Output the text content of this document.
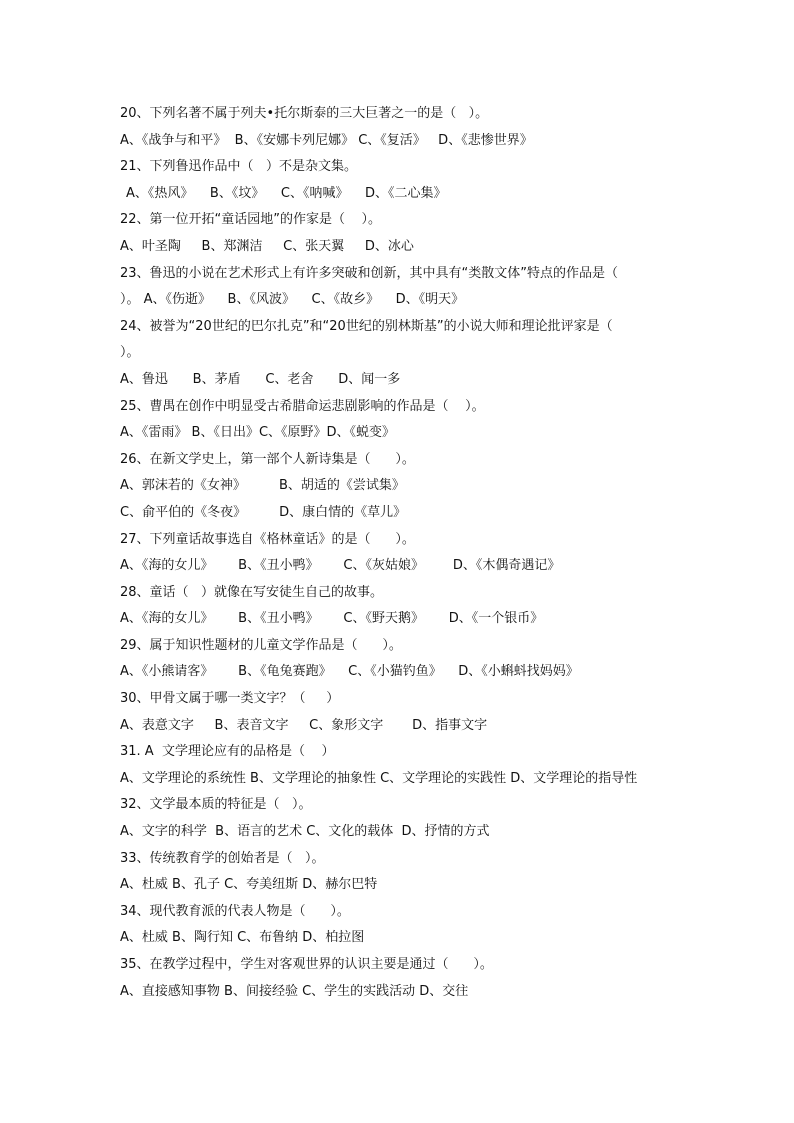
20、下列名著不属于列夫•托尔斯泰的三大巨著之一的是（   ）。
A、《战争与和平》  B、《安娜卡列尼娜》 C、《复活》   D、《悲惨世界》
21、下列鲁迅作品中（   ）不是杂文集。
A、《热风》    B、《坟》    C、《呐喊》    D、《二心集》
22、第一位开拓“童话园地”的作家是（    ）。
A、叶圣陶     B、郑渊洁     C、张天翼     D、冰心
23、鲁迅的小说在艺术形式上有许多突破和创新，其中具有“类散文体”特点的作品是（
）。 A、《伤逝》    B、《风波》    C、《故乡》    D、《明天》
24、被誉为“20世纪的巴尔扎克”和“20世纪的别林斯基”的小说大师和理论批评家是（
）。
A、鲁迅      B、茅盾      C、老舍      D、闻一多
25、曹禺在创作中明显受古希腊命运悲剧影响的作品是（    ）。
A、《雷雨》 B、《日出》C、《原野》D、《蜕变》
26、在新文学史上，第一部个人新诗集是（      ）。
A、郭沫若的《女神》        B、胡适的《尝试集》
C、俞平伯的《冬夜》        D、康白情的《草儿》
27、下列童话故事选自《格林童话》的是（      ）。
A、《海的女儿》      B、《丑小鸭》      C、《灰姑娘》       D、《木偶奇遇记》
28、童话（   ）就像在写安徒生自己的故事。
A、《海的女儿》      B、《丑小鸭》      C、《野天鹅》      D、《一个银币》
29、属于知识性题材的儿童文学作品是（      ）。
A、《小熊请客》      B、《龟兔赛跑》    C、《小猫钓鱼》    D、《小蝌蚪找妈妈》
30、甲骨文属于哪一类文字？（     ）
A、表意文字     B、表音文字     C、象形文字       D、指事文字
31. A  文学理论应有的品格是（    ）
A、文学理论的系统性 B、文学理论的抽象性 C、文学理论的实践性 D、文学理论的指导性
32、文学最本质的特征是（   ）。
A、文字的科学  B、语言的艺术 C、文化的载体  D、抒情的方式
33、传统教育学的创始者是（   ）。
A、杜威 B、孔子 C、夸美纽斯 D、赫尔巴特
34、现代教育派的代表人物是（      ）。
A、杜威 B、陶行知 C、布鲁纳 D、柏拉图
35、在教学过程中，学生对客观世界的认识主要是通过（      ）。
A、直接感知事物 B、间接经验 C、学生的实践活动 D、交往
